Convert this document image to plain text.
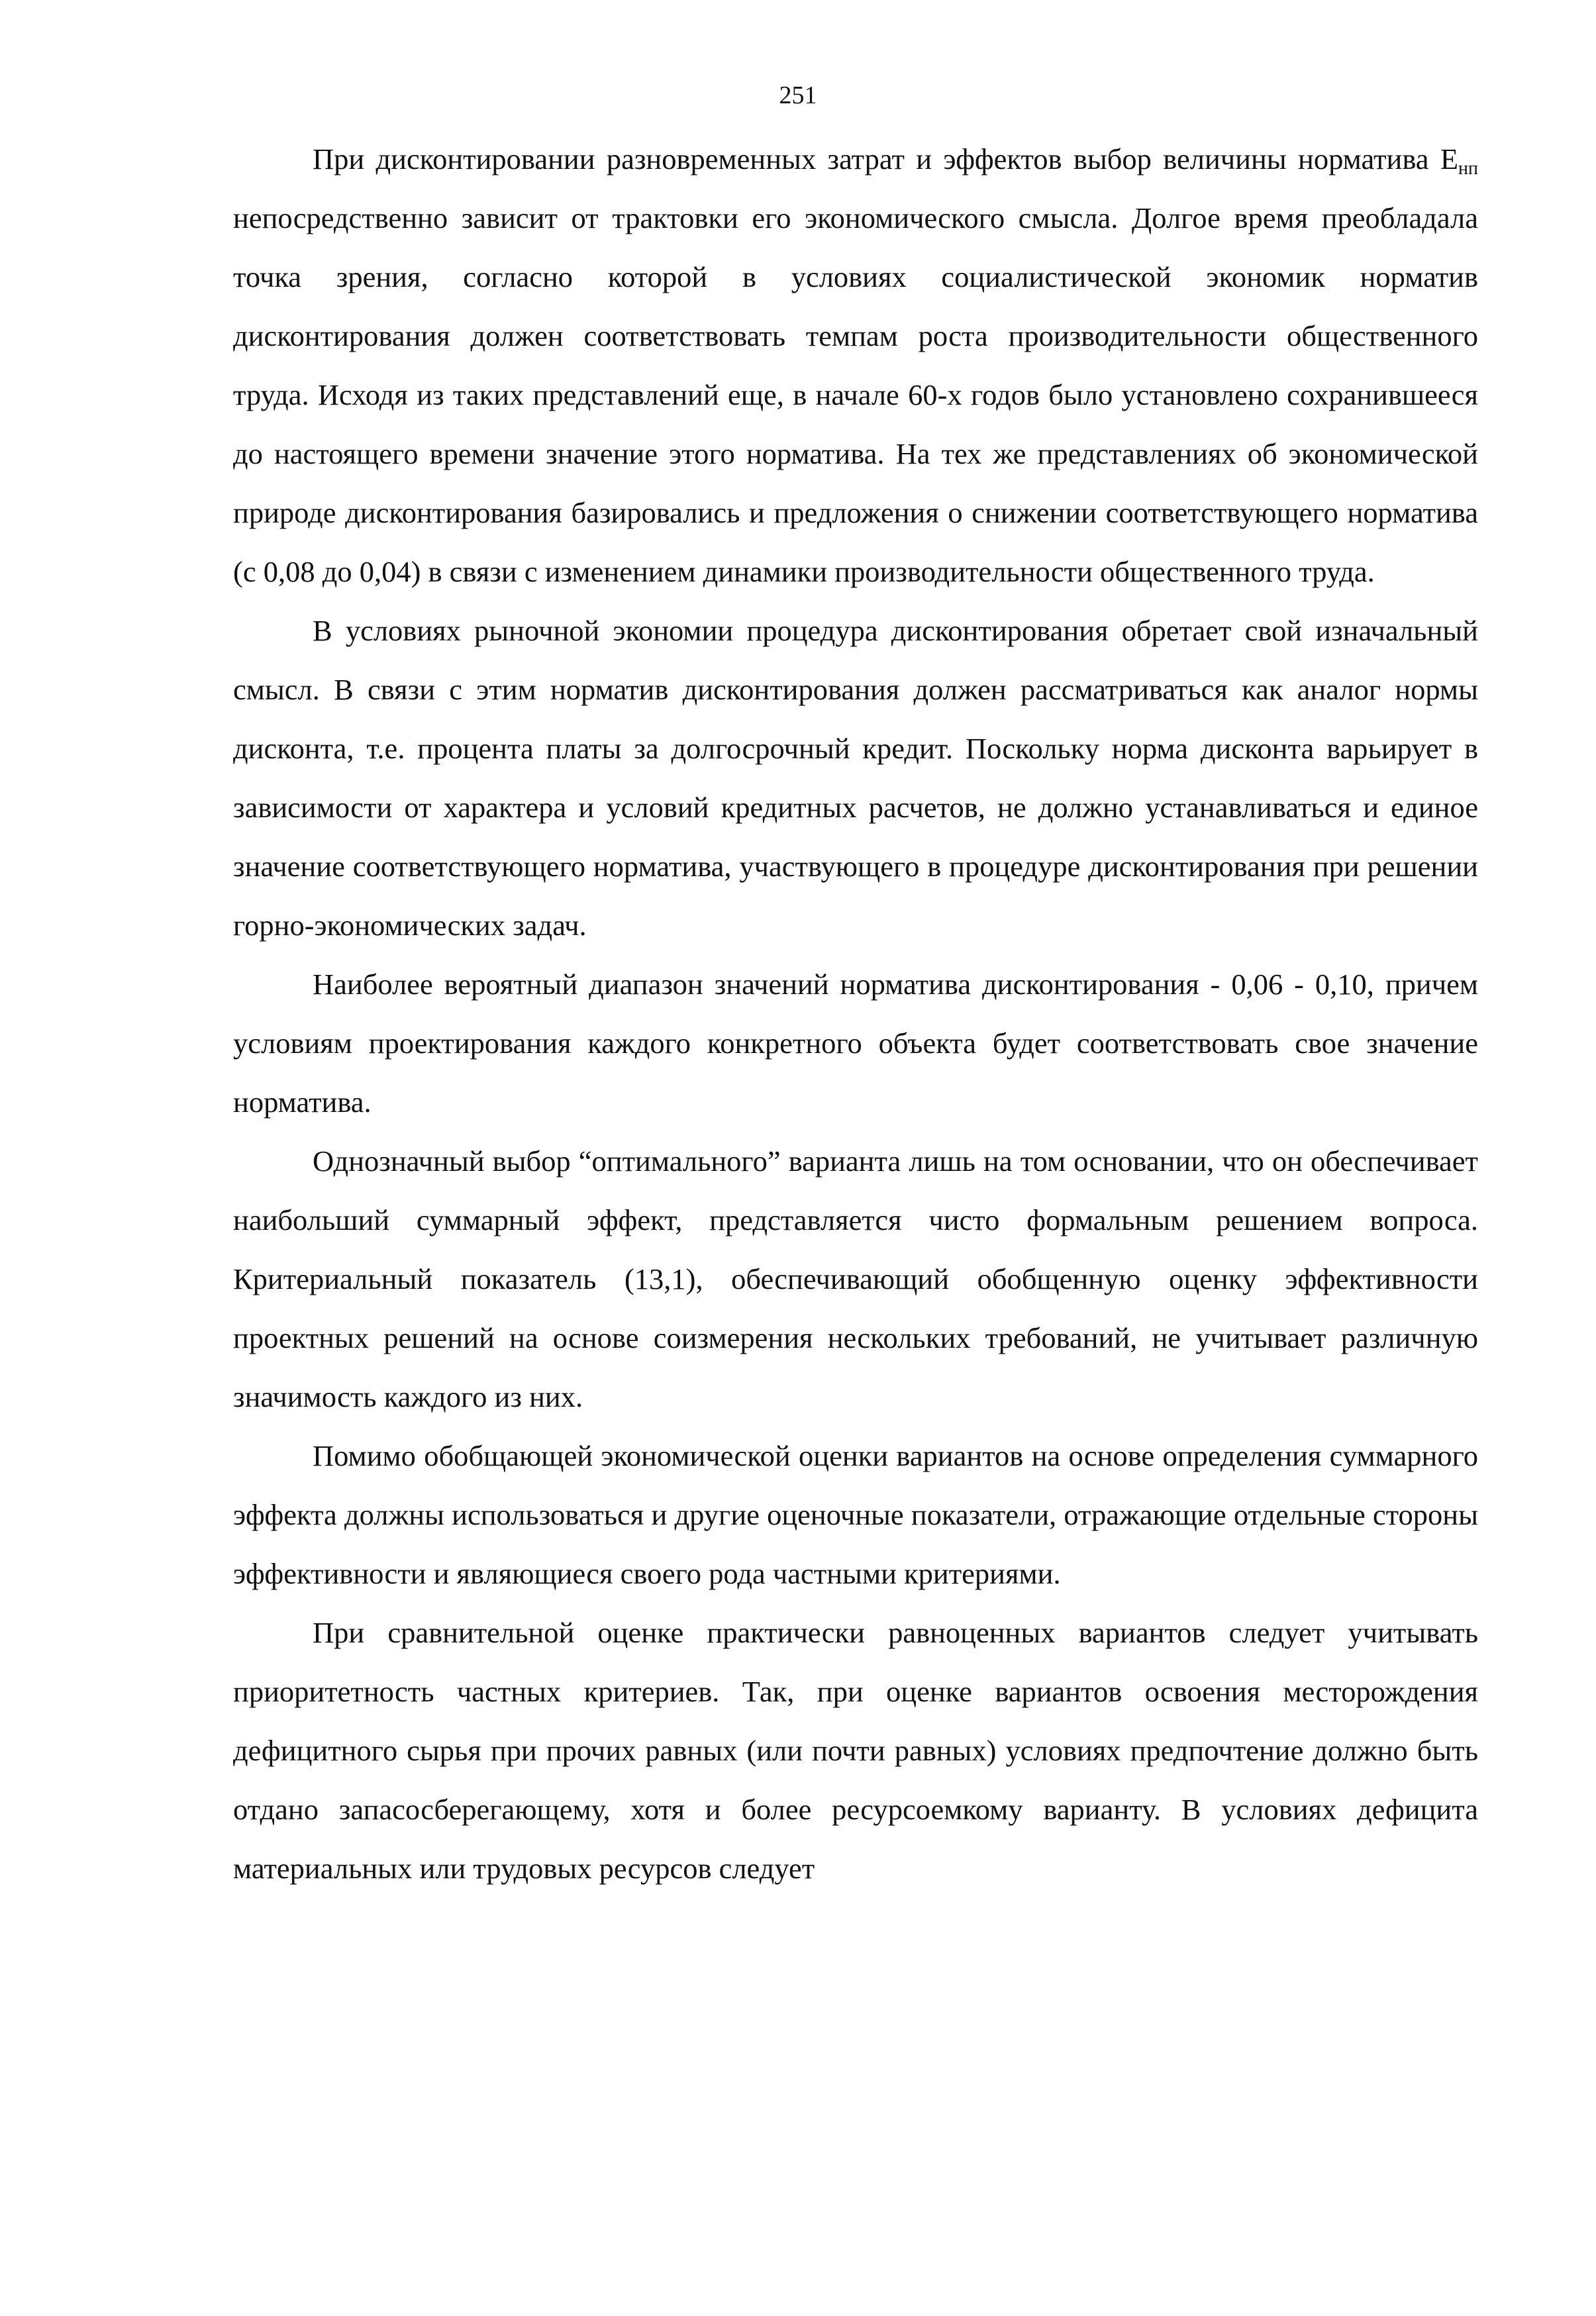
251

При дисконтировании разновременных затрат и эффектов выбор величины норматива $Е_{нп}$ непосредственно зависит от трактовки его экономического смысла. Долгое время преобладала точка зрения, согласно которой в условиях социалистической экономик норматив дисконтирования должен соответствовать темпам роста производительности общественного труда. Исходя из таких представлений еще, в начале 60-х годов было установлено сохранившееся до настоящего времени значение этого норматива. На тех же представлениях об экономической природе дисконтирования базировались и предложения о снижении соответствующего норматива (с 0,08 до 0,04) в связи с изменением динамики производительности общественного труда.

В условиях рыночной экономии процедура дисконтирования обретает свой изначальный смысл. В связи с этим норматив дисконтирования должен рассматриваться как аналог нормы дисконта, т.е. процента платы за долгосрочный кредит. Поскольку норма дисконта варьирует в зависимости от характера и условий кредитных расчетов, не должно устанавливаться и единое значение соответствующего норматива, участвующего в процедуре дисконтирования при решении горно-экономических задач.

Наиболее вероятный диапазон значений норматива дисконтирования - 0,06 - 0,10, причем условиям проектирования каждого конкретного объекта будет соответствовать свое значение норматива.

Однозначный выбор “оптимального” варианта лишь на том основании, что он обеспечивает наибольший суммарный эффект, представляется чисто формальным решением вопроса. Критериальный показатель (13,1), обеспечивающий обобщенную оценку эффективности проектных решений на основе соизмерения нескольких требований, не учитывает различную значимость каждого из них.

Помимо обобщающей экономической оценки вариантов на основе определения суммарного эффекта должны использоваться и другие оценочные показатели, отражающие отдельные стороны эффективности и являющиеся своего рода частными критериями.

При сравнительной оценке практически равноценных вариантов следует учитывать приоритетность частных критериев. Так, при оценке вариантов освоения месторождения дефицитного сырья при прочих равных (или почти равных) условиях предпочтение должно быть отдано запасосберегающему, хотя и более ресурсоемкому варианту. В условиях дефицита материальных или трудовых ресурсов следует
